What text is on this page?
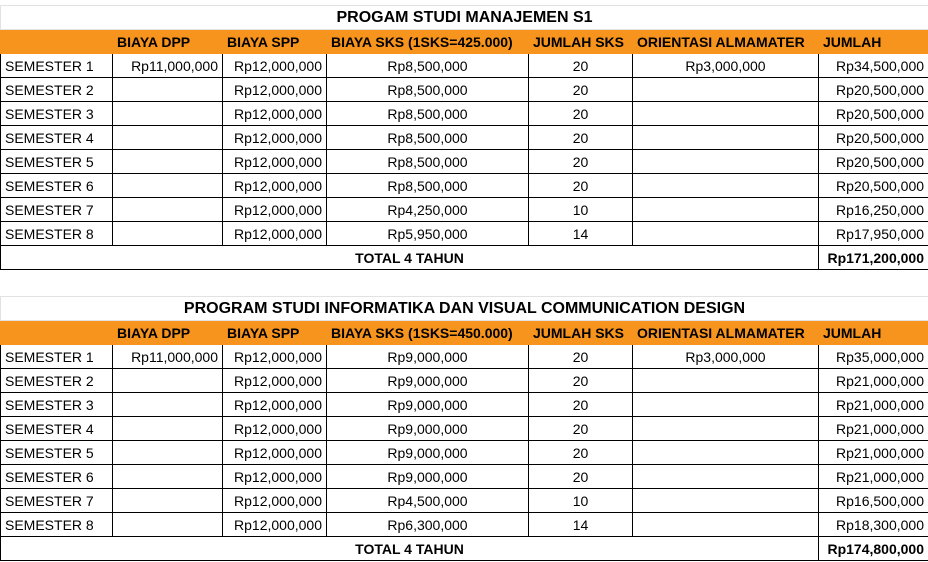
PROGAM STUDI MANAJEMEN S1						
	BIAYA DPP	BIAYA SPP	BIAYA SKS (1SKS=425.000)	JUMLAH SKS	ORIENTASI ALMAMATER	JUMLAH
SEMESTER 1	Rp11,000,000	Rp12,000,000	Rp8,500,000	20	Rp3,000,000	Rp34,500,000
SEMESTER 2		Rp12,000,000	Rp8,500,000	20		Rp20,500,000
SEMESTER 3		Rp12,000,000	Rp8,500,000	20		Rp20,500,000
SEMESTER 4		Rp12,000,000	Rp8,500,000	20		Rp20,500,000
SEMESTER 5		Rp12,000,000	Rp8,500,000	20		Rp20,500,000
SEMESTER 6		Rp12,000,000	Rp8,500,000	20		Rp20,500,000
SEMESTER 7		Rp12,000,000	Rp4,250,000	10		Rp16,250,000
SEMESTER 8		Rp12,000,000	Rp5,950,000	14		Rp17,950,000
TOTAL 4 TAHUN						Rp171,200,000
PROGRAM STUDI INFORMATIKA DAN VISUAL COMMUNICATION DESIGN						
	BIAYA DPP	BIAYA SPP	BIAYA SKS (1SKS=450.000)	JUMLAH SKS	ORIENTASI ALMAMATER	JUMLAH
SEMESTER 1	Rp11,000,000	Rp12,000,000	Rp9,000,000	20	Rp3,000,000	Rp35,000,000
SEMESTER 2		Rp12,000,000	Rp9,000,000	20		Rp21,000,000
SEMESTER 3		Rp12,000,000	Rp9,000,000	20		Rp21,000,000
SEMESTER 4		Rp12,000,000	Rp9,000,000	20		Rp21,000,000
SEMESTER 5		Rp12,000,000	Rp9,000,000	20		Rp21,000,000
SEMESTER 6		Rp12,000,000	Rp9,000,000	20		Rp21,000,000
SEMESTER 7		Rp12,000,000	Rp4,500,000	10		Rp16,500,000
SEMESTER 8		Rp12,000,000	Rp6,300,000	14		Rp18,300,000
TOTAL 4 TAHUN						Rp174,800,000
